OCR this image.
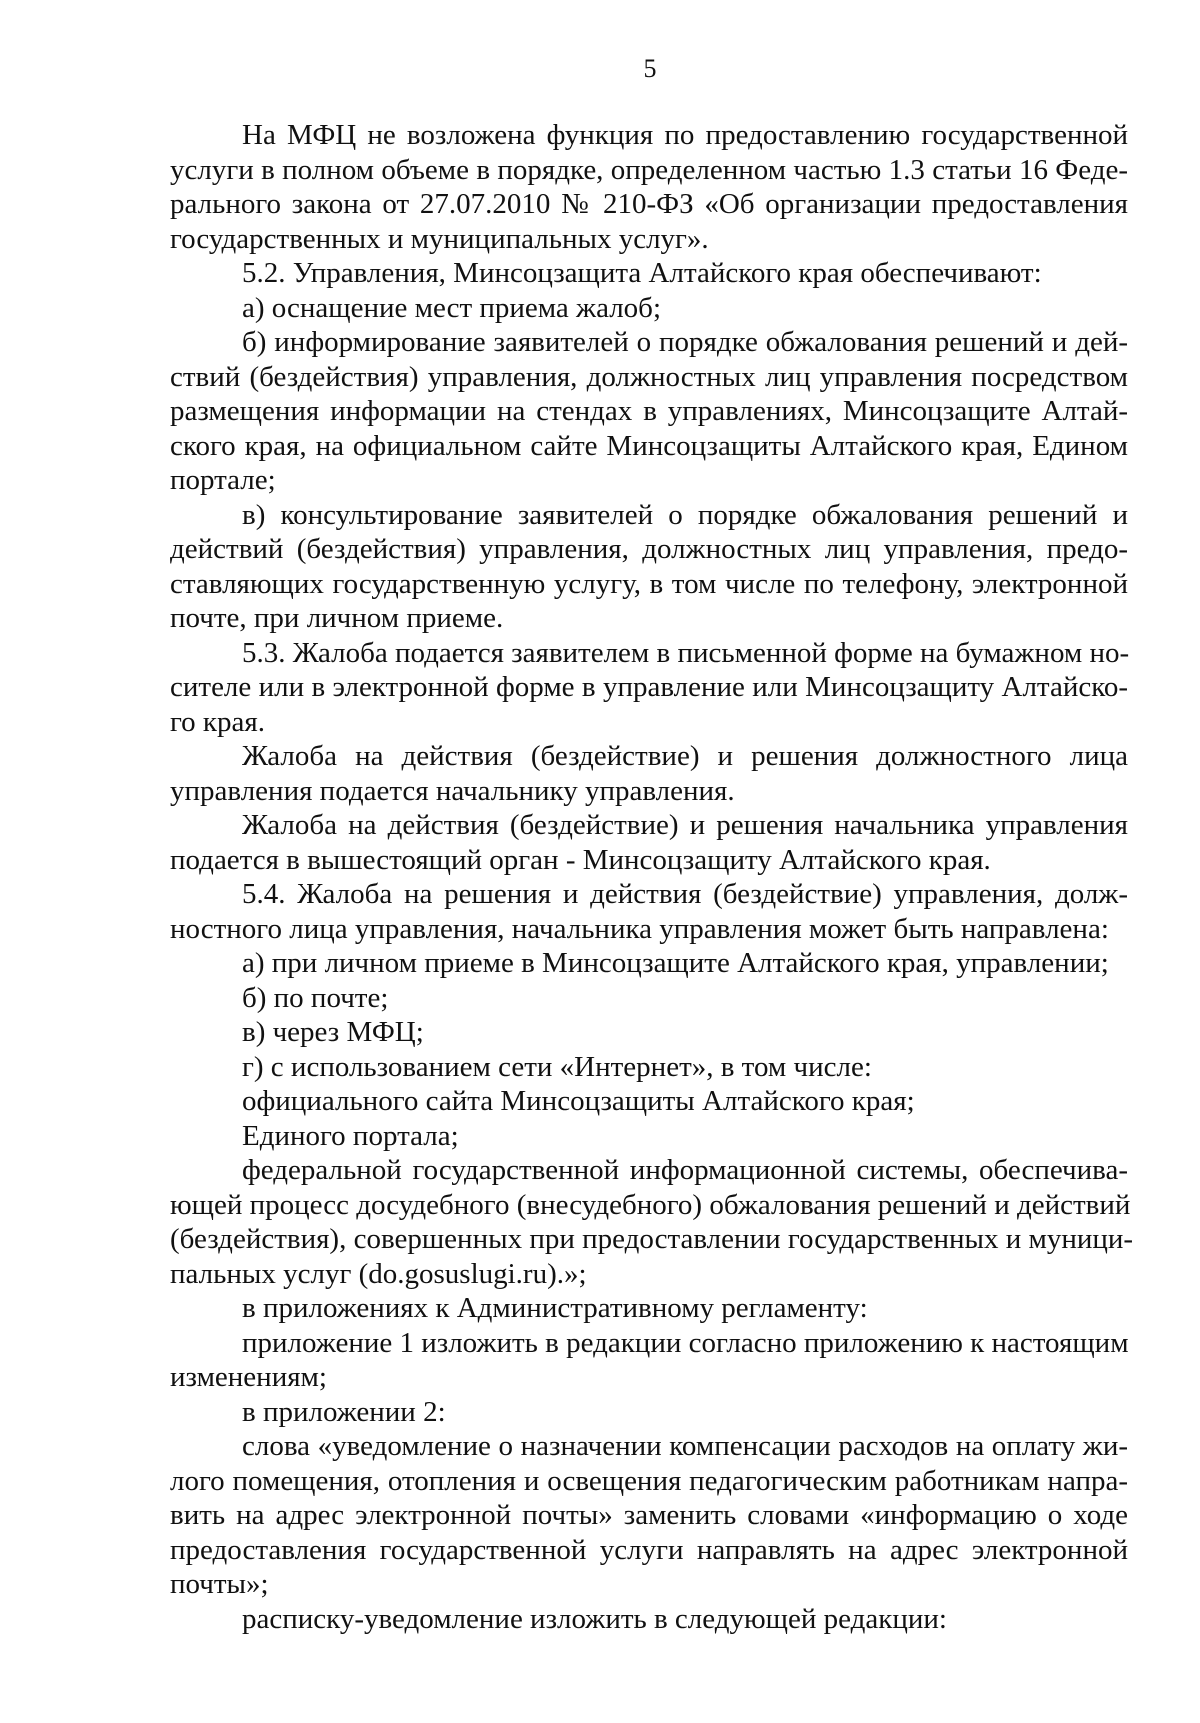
5
На МФЦ не возложена функция по предоставлению государственной
услуги в полном объеме в порядке, определенном частью 1.3 статьи 16 Феде-
рального закона от 27.07.2010 № 210-ФЗ «Об организации предоставления
государственных и муниципальных услуг».
5.2. Управления, Минсоцзащита Алтайского края обеспечивают:
а) оснащение мест приема жалоб;
б) информирование заявителей о порядке обжалования решений и дей-
ствий (бездействия) управления, должностных лиц управления посредством
размещения информации на стендах в управлениях, Минсоцзащите Алтай-
ского края, на официальном сайте Минсоцзащиты Алтайского края, Едином
портале;
в) консультирование заявителей о порядке обжалования решений и
действий (бездействия) управления, должностных лиц управления, предо-
ставляющих государственную услугу, в том числе по телефону, электронной
почте, при личном приеме.
5.3. Жалоба подается заявителем в письменной форме на бумажном но-
сителе или в электронной форме в управление или Минсоцзащиту Алтайско-
го края.
Жалоба на действия (бездействие) и решения должностного лица
управления подается начальнику управления.
Жалоба на действия (бездействие) и решения начальника управления
подается в вышестоящий орган - Минсоцзащиту Алтайского края.
5.4. Жалоба на решения и действия (бездействие) управления, долж-
ностного лица управления, начальника управления может быть направлена:
а) при личном приеме в Минсоцзащите Алтайского края, управлении;
б) по почте;
в) через МФЦ;
г) с использованием сети «Интернет», в том числе:
официального сайта Минсоцзащиты Алтайского края;
Единого портала;
федеральной государственной информационной системы, обеспечива-
ющей процесс досудебного (внесудебного) обжалования решений и действий
(бездействия), совершенных при предоставлении государственных и муници-
пальных услуг (do.gosuslugi.ru).»;
в приложениях к Административному регламенту:
приложение 1 изложить в редакции согласно приложению к настоящим
изменениям;
в приложении 2:
слова «уведомление о назначении компенсации расходов на оплату жи-
лого помещения, отопления и освещения педагогическим работникам напра-
вить на адрес электронной почты» заменить словами «информацию о ходе
предоставления государственной услуги направлять на адрес электронной
почты»;
расписку-уведомление изложить в следующей редакции:
